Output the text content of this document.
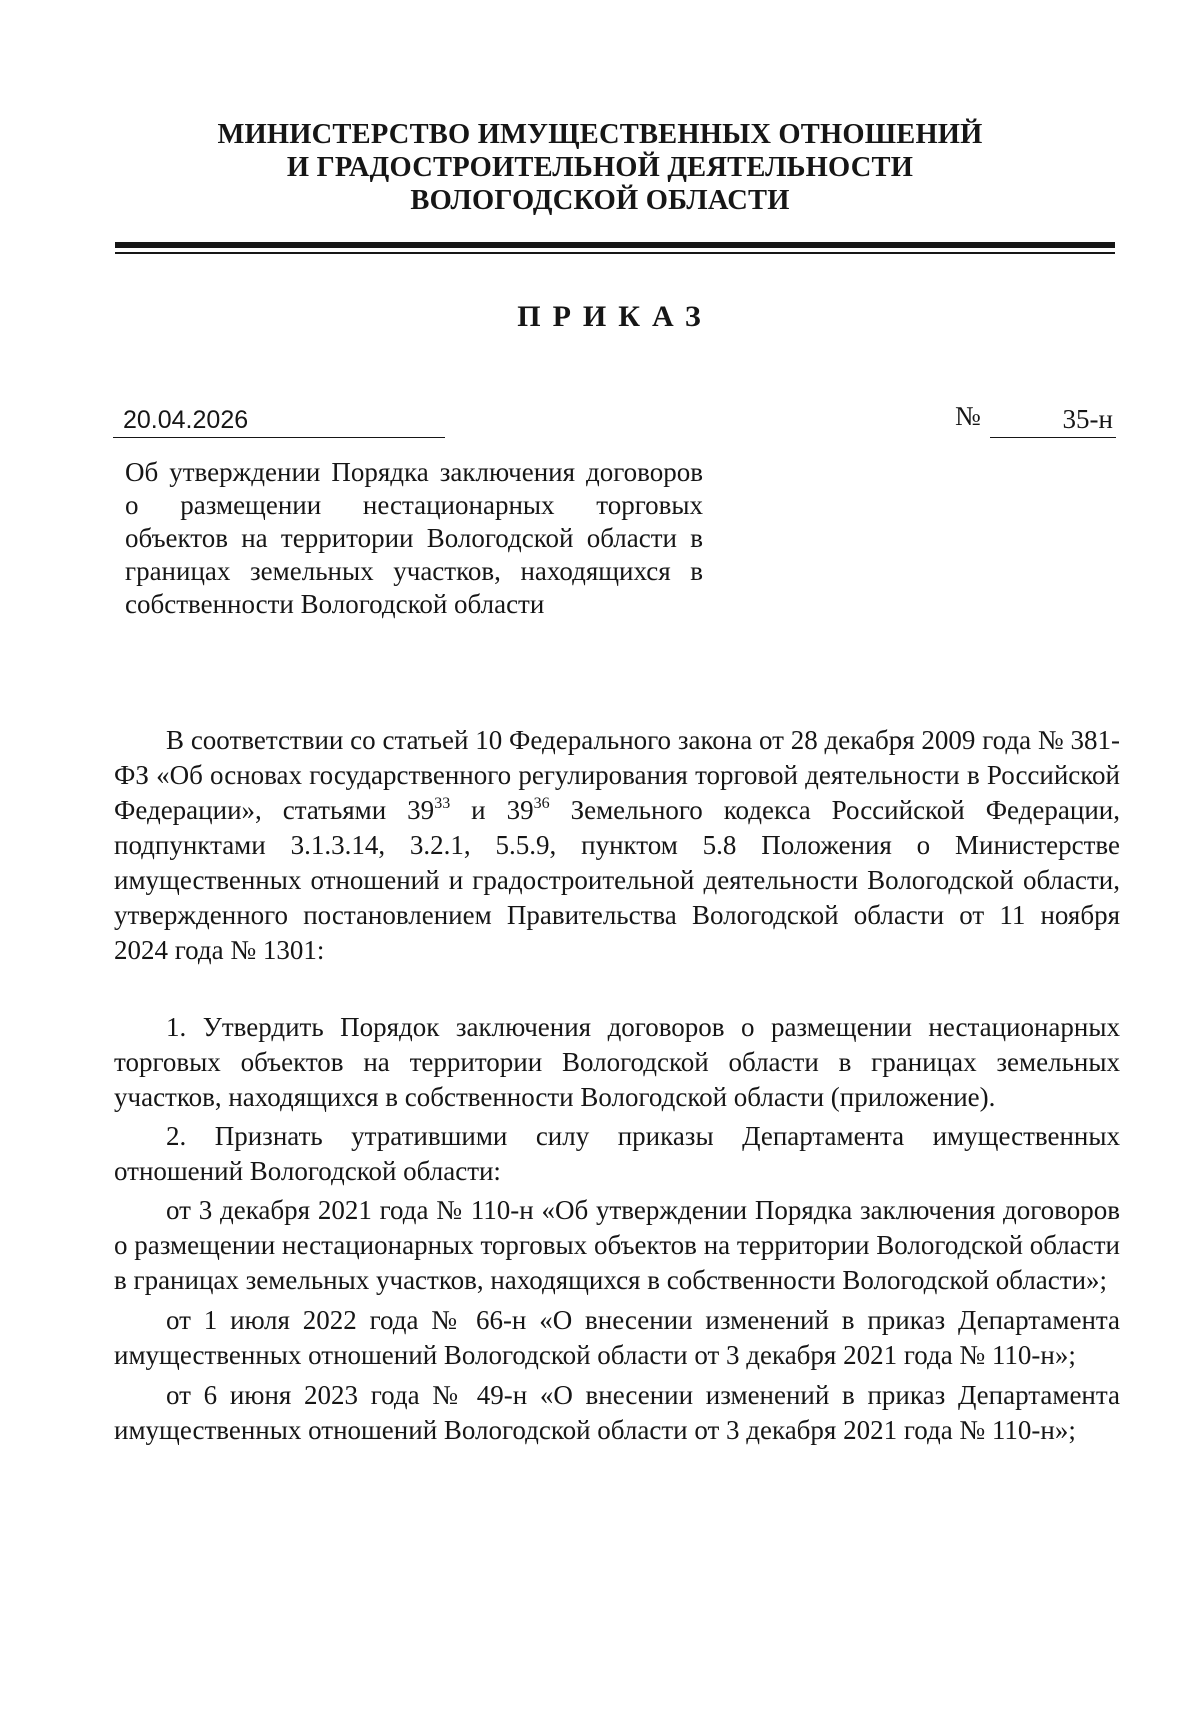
МИНИСТЕРСТВО ИМУЩЕСТВЕННЫХ ОТНОШЕНИЙ
И ГРАДОСТРОИТЕЛЬНОЙ ДЕЯТЕЛЬНОСТИ
ВОЛОГОДСКОЙ ОБЛАСТИ
ПРИКАЗ
20.04.2026	№	35-н
Об утверждении Порядка заключения договоров о размещении нестационарных торговых объектов на территории Вологодской области в границах земельных участков, находящихся в собственности Вологодской области

В соответствии со статьей 10 Федерального закона от 28 декабря 2009 года № 381-ФЗ «Об основах государственного регулирования торговой деятельности в Российской Федерации», статьями $39^{33}$ и $39^{36}$ Земельного кодекса Российской Федерации, подпунктами 3.1.3.14, 3.2.1, 5.5.9, пунктом 5.8 Положения о Министерстве имущественных отношений и градостроительной деятельности Вологодской области, утвержденного постановлением Правительства Вологодской области от 11 ноября 2024 года № 1301:

1. Утвердить Порядок заключения договоров о размещении нестационарных торговых объектов на территории Вологодской области в границах земельных участков, находящихся в собственности Вологодской области (приложение).

2. Признать утратившими силу приказы Департамента имущественных отношений Вологодской области:

от 3 декабря 2021 года № 110-н «Об утверждении Порядка заключения договоров о размещении нестационарных торговых объектов на территории Вологодской области в границах земельных участков, находящихся в собственности Вологодской области»;

от 1 июля 2022 года № 66-н «О внесении изменений в приказ Департамента имущественных отношений Вологодской области от 3 декабря 2021 года № 110-н»;

от 6 июня 2023 года № 49-н «О внесении изменений в приказ Департамента имущественных отношений Вологодской области от 3 декабря 2021 года № 110-н»;
